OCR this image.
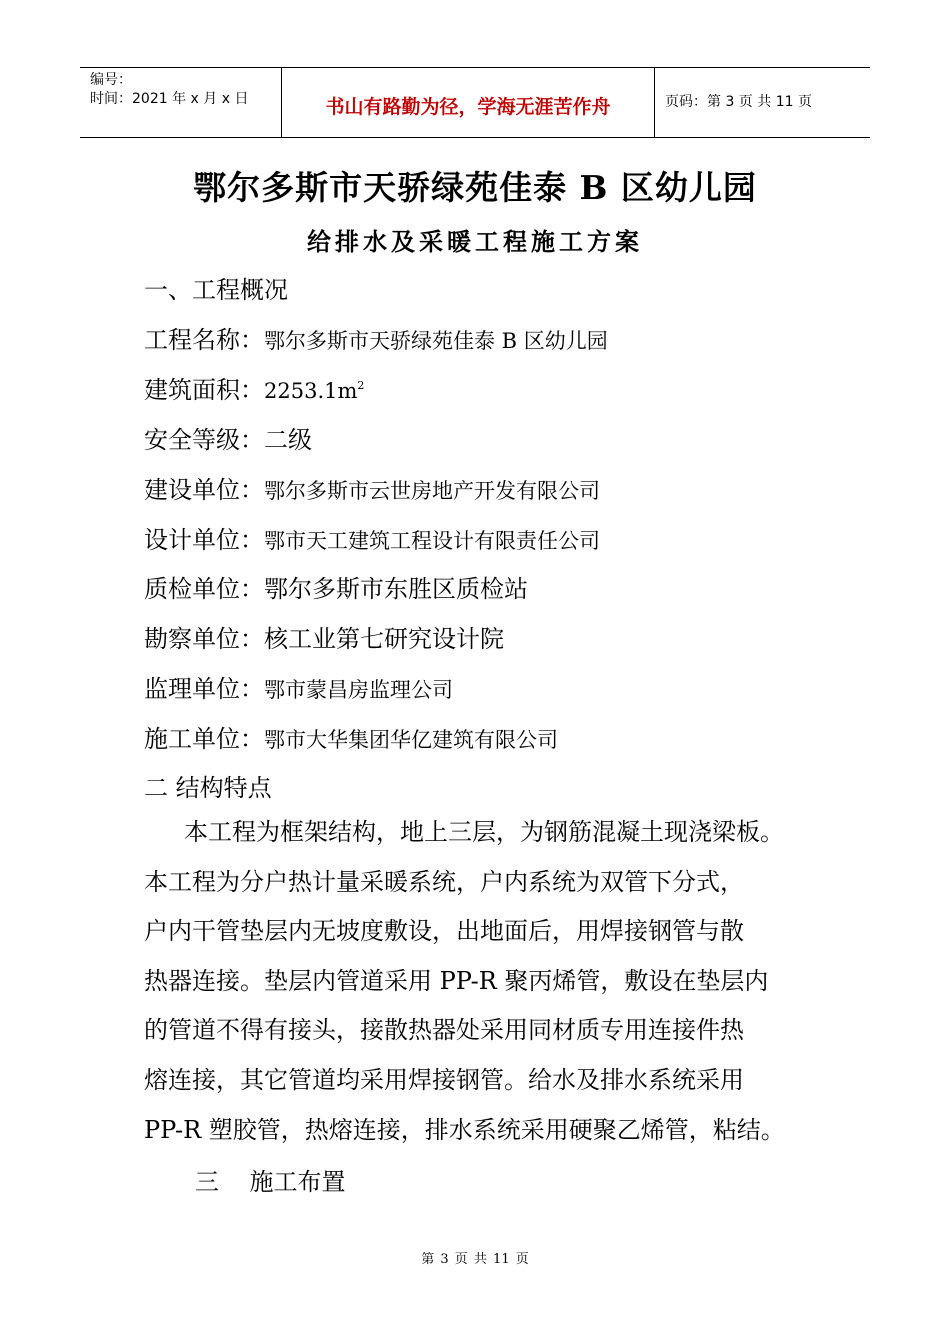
编号：
时间：2021 年 x 月 x 日	书山有路勤为径，学海无涯苦作舟	页码：第 3 页 共 11 页
鄂尔多斯市天骄绿苑佳泰 B 区幼儿园
给排水及采暖工程施工方案
一、工程概况
工程名称：鄂尔多斯市天骄绿苑佳泰 B 区幼儿园
建筑面积：$2253.1m^2$
安全等级：二级
建设单位：鄂尔多斯市云世房地产开发有限公司
设计单位：鄂市天工建筑工程设计有限责任公司
质检单位：鄂尔多斯市东胜区质检站
勘察单位：核工业第七研究设计院
监理单位：鄂市蒙昌房监理公司
施工单位：鄂市大华集团华亿建筑有限公司
二 结构特点

本工程为框架结构，地上三层，为钢筋混凝土现浇梁板。

本工程为分户热计量采暖系统，户内系统为双管下分式，

户内干管垫层内无坡度敷设，出地面后，用焊接钢管与散

热器连接。垫层内管道采用 PP-R 聚丙烯管，敷设在垫层内

的管道不得有接头，接散热器处采用同材质专用连接件热

熔连接，其它管道均采用焊接钢管。给水及排水系统采用

PP-R 塑胶管，热熔连接，排水系统采用硬聚乙烯管，粘结。

三    施工布置
第 3 页 共 11 页
